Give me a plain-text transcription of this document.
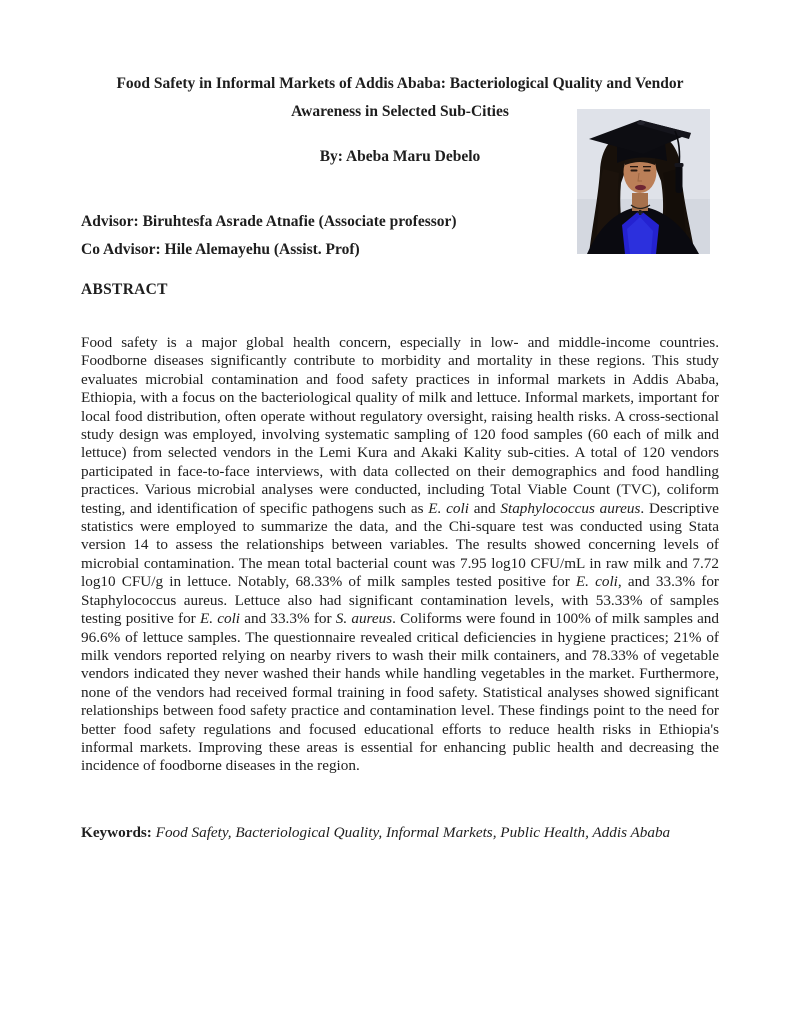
Food Safety in Informal Markets of Addis Ababa: Bacteriological Quality and Vendor
Awareness in Selected Sub-Cities
By: Abeba Maru Debelo
Advisor: Biruhtesfa Asrade Atnafie (Associate professor)
Co Advisor: Hile Alemayehu (Assist. Prof)
ABSTRACT
Food safety is a major global health concern, especially in low- and middle-income countries. Foodborne diseases significantly contribute to morbidity and mortality in these regions. This study evaluates microbial contamination and food safety practices in informal markets in Addis Ababa, Ethiopia, with a focus on the bacteriological quality of milk and lettuce. Informal markets, important for local food distribution, often operate without regulatory oversight, raising health risks. A cross-sectional study design was employed, involving systematic sampling of 120 food samples (60 each of milk and lettuce) from selected vendors in the Lemi Kura and Akaki Kality sub-cities. A total of 120 vendors participated in face-to-face interviews, with data collected on their demographics and food handling practices. Various microbial analyses were conducted, including Total Viable Count (TVC), coliform testing, and identification of specific pathogens such as E. coli and Staphylococcus aureus. Descriptive statistics were employed to summarize the data, and the Chi-square test was conducted using Stata version 14 to assess the relationships between variables. The results showed concerning levels of microbial contamination. The mean total bacterial count was 7.95 log10 CFU/mL in raw milk and 7.72 log10 CFU/g in lettuce. Notably, 68.33% of milk samples tested positive for E. coli, and 33.3% for Staphylococcus aureus. Lettuce also had significant contamination levels, with 53.33% of samples testing positive for E. coli and 33.3% for S. aureus. Coliforms were found in 100% of milk samples and 96.6% of lettuce samples. The questionnaire revealed critical deficiencies in hygiene practices; 21% of milk vendors reported relying on nearby rivers to wash their milk containers, and 78.33% of vegetable vendors indicated they never washed their hands while handling vegetables in the market. Furthermore, none of the vendors had received formal training in food safety. Statistical analyses showed significant relationships between food safety practice and contamination level. These findings point to the need for better food safety regulations and focused educational efforts to reduce health risks in Ethiopia's informal markets. Improving these areas is essential for enhancing public health and decreasing the incidence of foodborne diseases in the region.
Keywords: Food Safety, Bacteriological Quality, Informal Markets, Public Health, Addis Ababa
